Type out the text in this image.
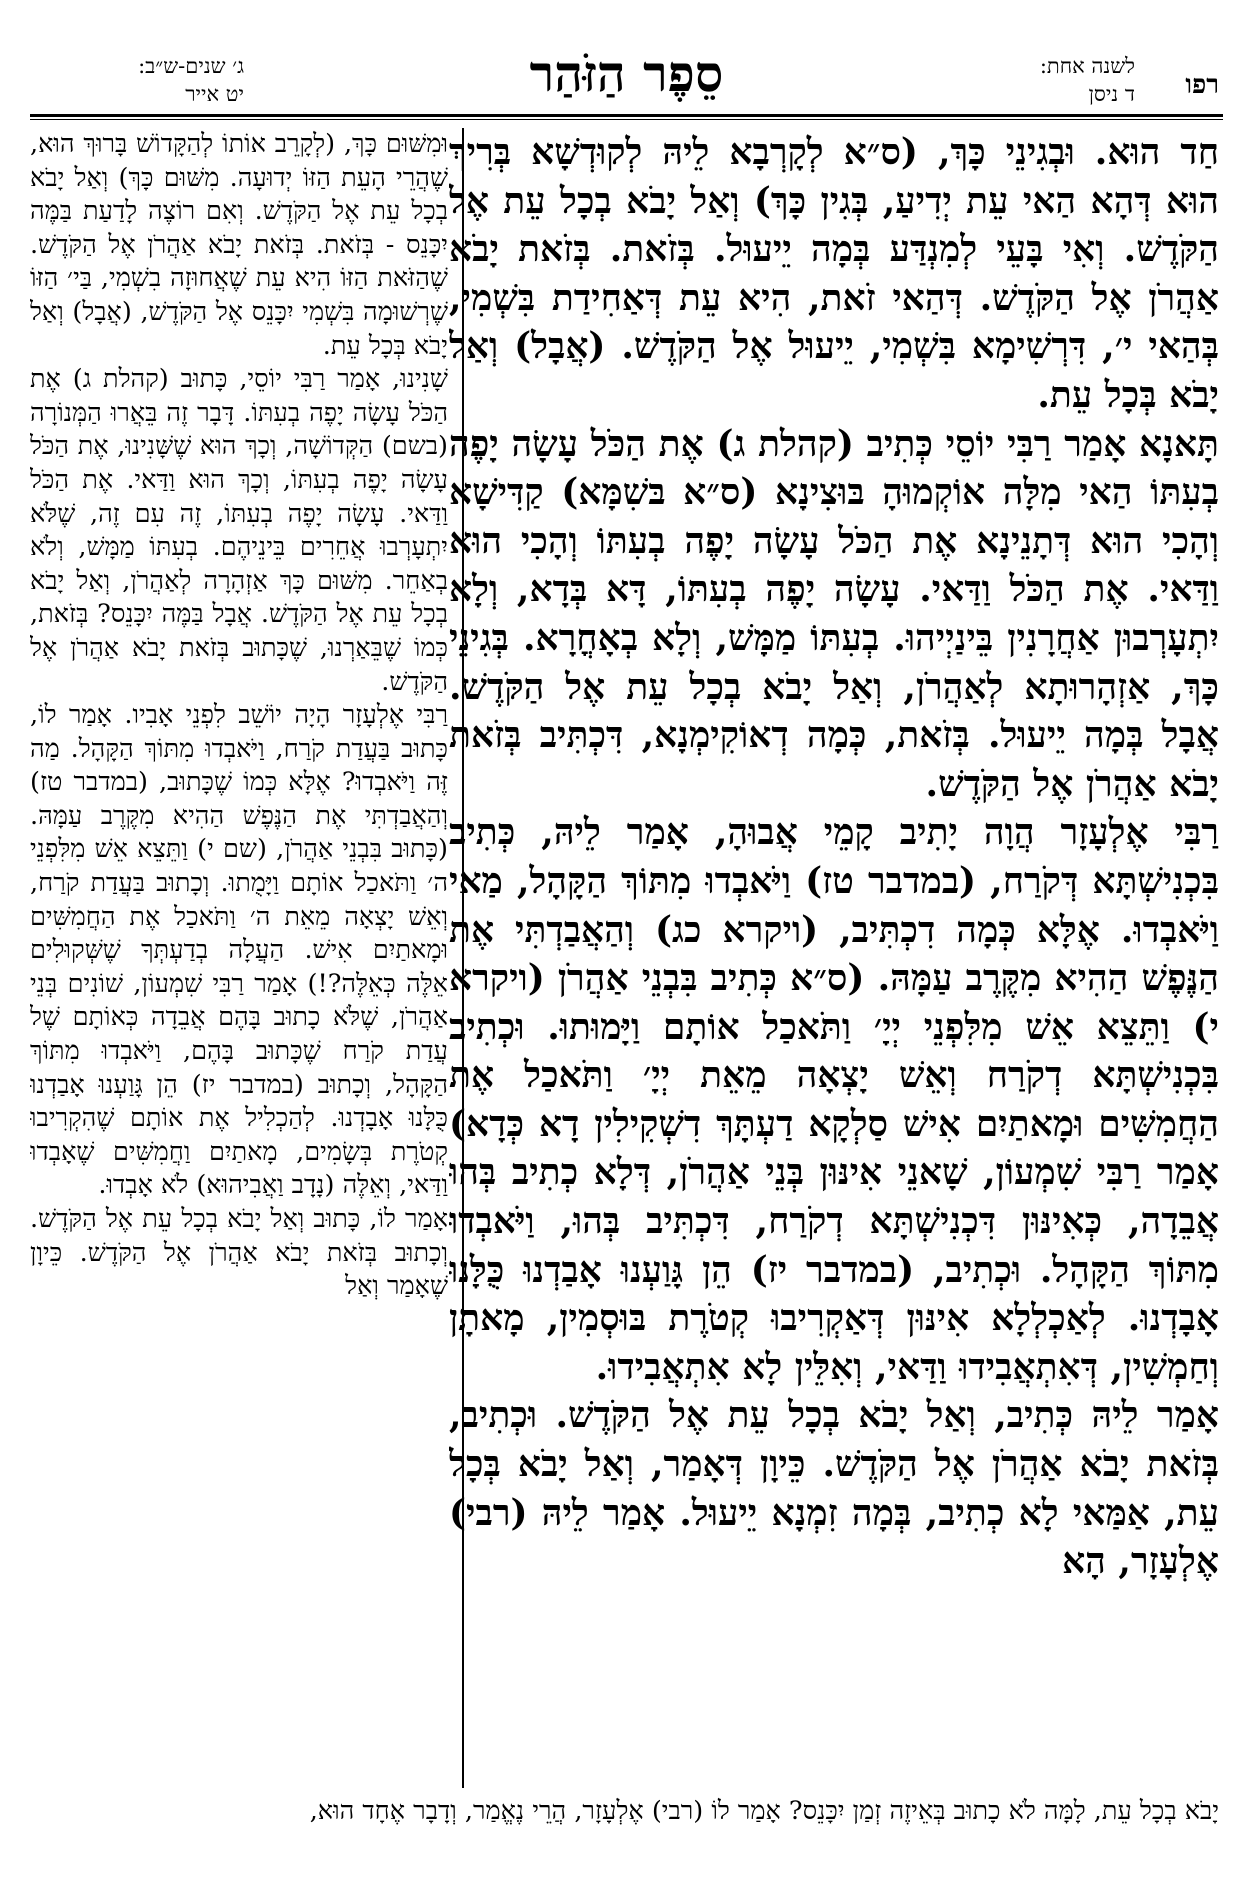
רפו
לשנה אחת:
ד ניסן
סֵפֶר הַזֹּהַר
ג׳ שנים-ש״ב:
יט אייר

חַד הוּא. וּבְגִינֵי כָּךְ, (ס״א לְקָרְבָא לֵיהּ לְקוּדְשָׁא בְּרִיךְ הוּא דְּהָא הַאי עֵת יְדִיעַ, בְּגִין כָּךְ) וְאַל יָבֹא בְכָל עֵת אֶל הַקֹּדֶשׁ. וְאִי בָּעֵי לְמִנְדַּע בְּמָה יֵיעוּל. בְּזֹאת. בְּזֹאת יָבֹא אַהֲרֹן אֶל הַקֹּדֶשׁ. דְּהַאי זֹאת, הִיא עֵת דְּאַחִידַת בִּשְׁמִי, בְּהַאי י׳, דִּרְשִׁימָא בִּשְׁמִי, יֵיעוּל אֶל הַקֹּדֶשׁ. (אֲבָל) וְאַל יָבֹא בְּכָל עֵת.

תָּאנָא אָמַר רַבִּי יוֹסֵי כְּתִיב (קהלת ג) אֶת הַכֹּל עָשָׂה יָפֶה בְעִתּוֹ הַאי מִלָּה אוֹקְמוּהָ בּוּצִינָא (ס״א בּשִׁמָּא) קַדִּישָׁא וְהָכִי הוּא דְּתָנֵינָא אֶת הַכֹּל עָשָׂה יָפֶה בְעִתּוֹ וְהָכִי הוּא וַדַּאי. אֶת הַכֹּל וַדַּאי. עָשָׂה יָפֶה בְעִתּוֹ, דָּא בְּדָא, וְלָא יִתְעָרְבוּן אַחֲרָנִין בֵּינַיְיהוּ. בְעִתּוֹ מַמָּשׁ, וְלָא בְאָחֳרָא. בְּגִינֵי כָּךְ, אַזְהָרוּתָא לְאַהֲרֹן, וְאַל יָבֹא בְכָל עֵת אֶל הַקֹּדֶשׁ. אֲבָל בְּמָה יֵיעוּל. בְּזֹאת, כְּמָה דְאוֹקִימְנָא, דִּכְתִּיב בְּזֹאת יָבֹא אַהֲרֹן אֶל הַקֹּדֶשׁ.

רַבִּי אֶלְעָזָר הֲוָה יָתִיב קָמֵי אֲבוּהָ, אָמַר לֵיהּ, כְּתִיב בִּכְנִישְׁתָּא דְּקֹרַח, (במדבר טז) וַיֹּאבְדוּ מִתּוֹךְ הַקָּהָל, מַאי וַיֹּאבְדוּ. אֶלָּא כְּמָה דִכְתִּיב, (ויקרא כג) וְהַאֲבַדְתִּי אֶת הַנֶּפֶשׁ הַהִיא מִקֶּרֶב עַמָּהּ. (ס״א כְּתִיב בִּבְנֵי אַהֲרֹן (ויקרא י) וַתֵּצֵא אֵשׁ מִלִּפְנֵי יְיָ׳ וַתֹּאכַל אוֹתָם וַיָּמוּתוּ. וּכְתִיב בִּכְנִישְׁתָּא דְקֹרַח וְאֵשׁ יָצְאָה מֵאֵת יְיָ׳ וַתֹּאכַל אֶת הַחֲמִשִּׁים וּמָאתַיִם אִישׁ סַלְקָא דַעְתָּךְ דִשְׁקִילִין דָא כְּדָא) אָמַר רַבִּי שִׁמְעוֹן, שָׁאנֵי אִינּוּן בְּנֵי אַהֲרֹן, דְּלָא כְתִיב בְּהוּ אֲבֵדָה, כְּאִינּוּן דִּכְנִישְׁתָּא דְקֹרַח, דִּכְתִּיב בְּהוּ, וַיֹּאבְדוּ מִתּוֹךְ הַקָּהָל. וּכְתִיב, (במדבר יז) הֵן גָּוַעְנוּ אָבַדְנוּ כֻּלָּנוּ אָבָדְנוּ. לְאַכְלְלָא אִינּוּן דְּאַקְרִיבוּ קְטֹרֶת בּוּסְמִין, מָאתָן וְחַמְשִׁין, דְּאִתְאֲבִידוּ וַדַּאי, וְאִלֵּין לָא אִתְאֲבִידוּ.

אָמַר לֵיהּ כְּתִיב, וְאַל יָבֹא בְכָל עֵת אֶל הַקֹּדֶשׁ. וּכְתִיב, בְּזֹאת יָבֹא אַהֲרֹן אֶל הַקֹּדֶשׁ. כֵּיוָן דְּאָמַר, וְאַל יָבֹא בְּכָל עֵת, אַמַּאי לָא כְתִיב, בְּמָה זִמְנָא יֵיעוּל. אָמַר לֵיהּ (רבי) אֶלְעָזָר, הָא

וּמִשּׁוּם כָּךְ, (לְקָרֵב אוֹתוֹ לְהַקָּדוֹשׁ בָּרוּךְ הוּא, שֶׁהֲרֵי הָעֵת הַזּוֹ יְדוּעָה. מִשּׁוּם כָּךְ) וְאַל יָבֹא בְכָל עֵת אֶל הַקֹּדֶשׁ. וְאִם רוֹצֶה לָדַעַת בַּמֶּה יִכָּנֵס - בְּזֹאת. בְּזֹאת יָבֹא אַהֲרֹן אֶל הַקֹּדֶשׁ. שֶׁהַזֹּאת הַזּוֹ הִיא עֵת שֶׁאֲחוּזָה בִשְׁמִי, בַּי׳ הַזּוֹ שֶׁרְשׁוּמָה בִּשְׁמִי יִכָּנֵס אֶל הַקֹּדֶשׁ, (אֲבָל) וְאַל יָבֹא בְּכָל עֵת.

שָׁנִינוּ, אָמַר רַבִּי יוֹסֵי, כָּתוּב (קהלת ג) אֶת הַכֹּל עָשָׂה יָפֶה בְעִתּוֹ. דָּבָר זֶה בֵּאֲרוּ הַמְּנוֹרָה (בשם) הַקְּדוֹשָׁה, וְכָךְ הוּא שֶׁשָּׁנִינוּ, אֶת הַכֹּל עָשָׂה יָפֶה בְעִתּוֹ, וְכָךְ הוּא וַדַּאי. אֶת הַכֹּל וַדַּאי. עָשָׂה יָפֶה בְעִתּוֹ, זֶה עִם זֶה, שֶׁלֹּא יִתְעָרְבוּ אֲחֵרִים בֵּינֵיהֶם. בְעִתּוֹ מַמָּשׁ, וְלֹא בְאַחֵר. מִשּׁוּם כָּךְ אַזְהָרָה לְאַהֲרֹן, וְאַל יָבֹא בְכָל עֵת אֶל הַקֹּדֶשׁ. אֲבָל בַּמֶּה יִכָּנֵס? בְּזֹאת, כְּמוֹ שֶׁבֵּאַרְנוּ, שֶׁכָּתוּב בְּזֹאת יָבֹא אַהֲרֹן אֶל הַקֹּדֶשׁ.

רַבִּי אֶלְעָזָר הָיָה יוֹשֵׁב לִפְנֵי אָבִיו. אָמַר לוֹ, כָּתוּב בַּעֲדַת קֹרַח, וַיֹּאבְדוּ מִתּוֹךְ הַקָּהָל. מַה זֶּה וַיֹּאבְדוּ? אֶלָּא כְּמוֹ שֶׁכָּתוּב, (במדבר טז) וְהַאֲבַדְתִּי אֶת הַנֶּפֶשׁ הַהִיא מִקֶּרֶב עַמָּהּ. (כָּתוּב בִּבְנֵי אַהֲרֹן, (שם י) וַתֵּצֵא אֵשׁ מִלִּפְנֵי ה׳ וַתֹּאכַל אוֹתָם וַיָּמֻתוּ. וְכָתוּב בַּעֲדַת קֹרַח, וְאֵשׁ יָצְאָה מֵאֵת ה׳ וַתֹּאכַל אֶת הַחֲמִשִּׁים וּמָאתַיִם אִישׁ. הַעֲלָה בְדַעְתְּךָ שֶׁשְּׁקוּלִים אֵלֶּה כְּאֵלֶּה?!) אָמַר רַבִּי שִׁמְעוֹן, שׁוֹנִים בְּנֵי אַהֲרֹן, שֶׁלֹּא כָתוּב בָּהֶם אֲבֵדָה כְּאוֹתָם שֶׁל עֲדַת קֹרַח שֶׁכָּתוּב בָּהֶם, וַיֹּאבְדוּ מִתּוֹךְ הַקָּהָל, וְכָתוּב (במדבר יז) הֵן גָּוַעְנוּ אָבַדְנוּ כֻּלָּנוּ אָבָדְנוּ. לְהַכְלִיל אֶת אוֹתָם שֶׁהִקְרִיבוּ קְטֹרֶת בְּשָׂמִים, מָאתַיִם וַחֲמִשִּׁים שֶׁאָבְדוּ וַדַּאי, וְאֵלֶּה (נָדָב וַאֲבִיהוּא) לֹא אָבְדוּ.

אָמַר לוֹ, כָּתוּב וְאַל יָבֹא בְכָל עֵת אֶל הַקֹּדֶשׁ. וְכָתוּב בְּזֹאת יָבֹא אַהֲרֹן אֶל הַקֹּדֶשׁ. כֵּיוָן שֶׁאָמַר וְאַל

יָבֹא בְכָל עֵת, לָמָּה לֹא כָתוּב בְּאֵיזֶה זְמַן יִכָּנֵס? אָמַר לוֹ (רבי) אֶלְעָזָר, הֲרֵי נֶאֱמַר, וְדָבָר אֶחָד הוּא,
